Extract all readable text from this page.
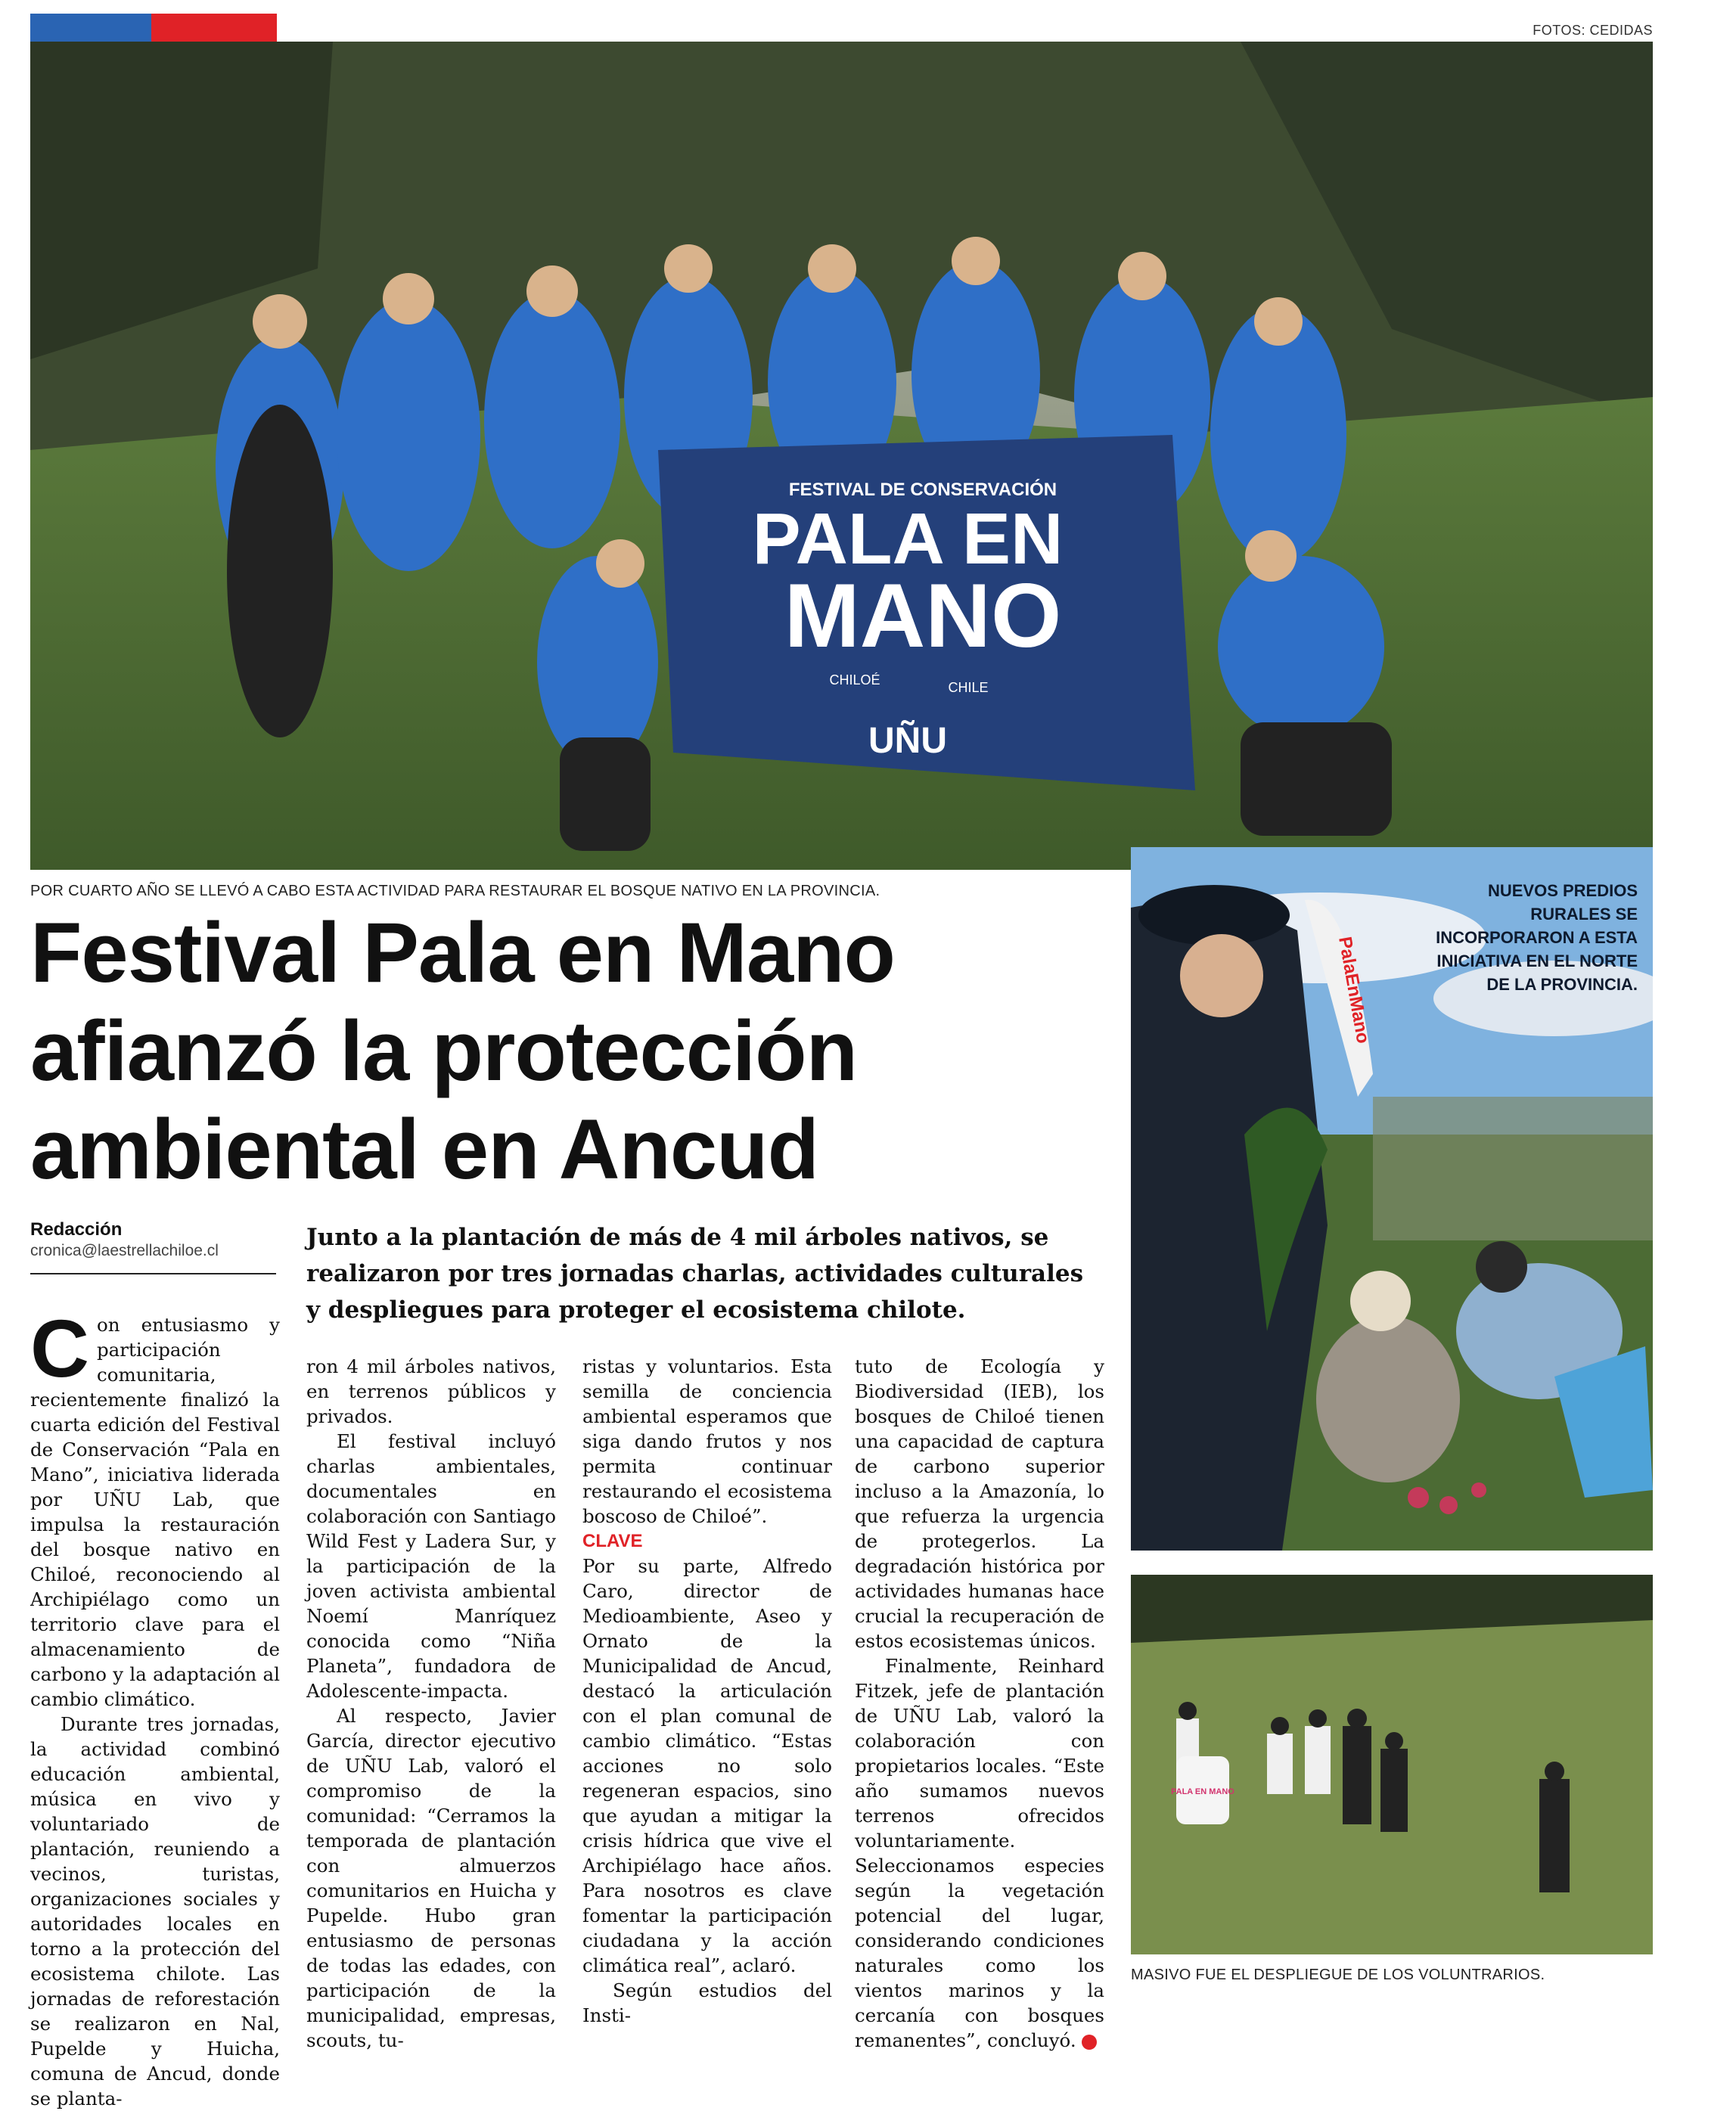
FOTOS: CEDIDAS
FESTIVAL DE CONSERVACIÓN
PALA EN
MANO
CHILOÉ	CHILE
UÑU
POR CUARTO AÑO SE LLEVÓ A CABO ESTA ACTIVIDAD PARA RESTAURAR EL BOSQUE NATIVO EN LA PROVINCIA.
PalaEnMano
NUEVOS PREDIOS RURALES SE INCORPORARON A ESTA INICIATIVA EN EL NORTE DE LA PROVINCIA.
PALA EN MANO
MASIVO FUE EL DESPLIEGUE DE LOS VOLUNTRARIOS.
Festival Pala en Mano
afianzó la protección
ambiental en Ancud
Redacción
cronica@laestrellachiloe.cl	Junto a la plantación de más de 4 mil árboles nativos, se realizaron por tres jornadas charlas, actividades culturales y despliegues para proteger el ecosistema chilote.

Con entusiasmo y participación comunitaria, recientemente finalizó la cuarta edición del Festival de Conservación “Pala en Mano”, iniciativa liderada por UÑU Lab, que impulsa la restauración del bosque nativo en Chiloé, reconociendo al Archipiélago como un territorio clave para el almacenamiento de carbono y la adaptación al cambio climático.

Durante tres jornadas, la actividad combinó educación ambiental, música en vivo y voluntariado de plantación, reuniendo a vecinos, turistas, organizaciones sociales y autoridades locales en torno a la protección del ecosistema chilote. Las jornadas de reforestación se realizaron en Nal, Pupelde y Huicha, comuna de Ancud, donde se planta-

ron 4 mil árboles nativos, en terrenos públicos y privados.

El festival incluyó charlas ambientales, documentales en colaboración con Santiago Wild Fest y Ladera Sur, y la participación de la joven activista ambiental Noemí Manríquez conocida como “Niña Planeta”, fundadora de Adolescente-impacta.

Al respecto, Javier García, director ejecutivo de UÑU Lab, valoró el compromiso de la comunidad: “Cerramos la temporada de plantación con almuerzos comunitarios en Huicha y Pupelde. Hubo gran entusiasmo de personas de todas las edades, con participación de la municipalidad, empresas, scouts, tu-

ristas y voluntarios. Esta semilla de conciencia ambiental esperamos que siga dando frutos y nos permita continuar restaurando el ecosistema boscoso de Chiloé”.

CLAVE

Por su parte, Alfredo Caro, director de Medioambiente, Aseo y Ornato de la Municipalidad de Ancud, destacó la articulación con el plan comunal de cambio climático. “Estas acciones no solo regeneran espacios, sino que ayudan a mitigar la crisis hídrica que vive el Archipiélago hace años. Para nosotros es clave fomentar la participación ciudadana y la acción climática real”, aclaró.

Según estudios del Insti-

tuto de Ecología y Biodiversidad (IEB), los bosques de Chiloé tienen una capacidad de captura de carbono superior incluso a la Amazonía, lo que refuerza la urgencia de protegerlos. La degradación histórica por actividades humanas hace crucial la recuperación de estos ecosistemas únicos.

Finalmente, Reinhard Fitzek, jefe de plantación de UÑU Lab, valoró la colaboración con propietarios locales. “Este año sumamos nuevos terrenos ofrecidos voluntariamente. Seleccionamos especies según la vegetación potencial del lugar, considerando condiciones naturales como los vientos marinos y la cercanía con bosques remanentes”, concluyó.	✪
